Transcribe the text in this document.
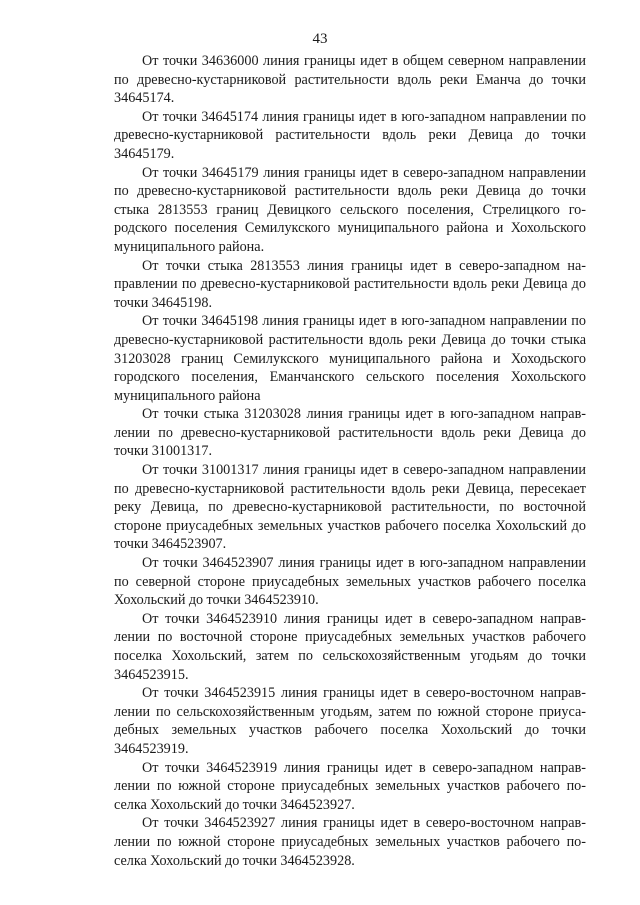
43

От точки 34636000 линия границы идет в общем северном направлении по древесно-кустарниковой растительности вдоль реки Еманча до точки 34645174.

От точки 34645174 линия границы идет в юго-западном направлении по древесно-кустарниковой растительности вдоль реки Девица до точки 34645179.

От точки 34645179 линия границы идет в северо-западном направлении по древесно-кустарниковой растительности вдоль реки Девица до точки стыка 2813553 границ Девицкого сельского поселения, Стрелицкого городского поселения Семилукского муниципального района и Хохольского муниципального района.

От точки стыка 2813553 линия границы идет в северо-западном направлении по древесно-кустарниковой растительности вдоль реки Девица до точки 34645198.

От точки 34645198 линия границы идет в юго-западном направлении по древесно-кустарниковой растительности вдоль реки Девица до точки стыка 31203028 границ Семилукского муниципального района и Хоходьского городского поселения, Еманчанского сельского поселения Хохольского муниципального района

От точки стыка 31203028 линия границы идет в юго-западном направлении по древесно-кустарниковой растительности вдоль реки Девица до точки 31001317.

От точки 31001317 линия границы идет в северо-западном направлении по древесно-кустарниковой растительности вдоль реки Девица, пересекает реку Девица, по древесно-кустарниковой растительности, по восточной стороне приусадебных земельных участков рабочего поселка Хохольский до точки 3464523907.

От точки 3464523907 линия границы идет в юго-западном направлении по северной стороне приусадебных земельных участков рабочего поселка Хохольский до точки 3464523910.

От точки 3464523910 линия границы идет в северо-западном направлении по восточной стороне приусадебных земельных участков рабочего поселка Хохольский, затем по сельскохозяйственным угодьям до точки 3464523915.

От точки 3464523915 линия границы идет в северо-восточном направлении по сельскохозяйственным угодьям, затем по южной стороне приусадебных земельных участков рабочего поселка Хохольский до точки 3464523919.

От точки 3464523919 линия границы идет в северо-западном направлении по южной стороне приусадебных земельных участков рабочего поселка Хохольский до точки 3464523927.

От точки 3464523927 линия границы идет в северо-восточном направлении по южной стороне приусадебных земельных участков рабочего поселка Хохольский до точки 3464523928.
